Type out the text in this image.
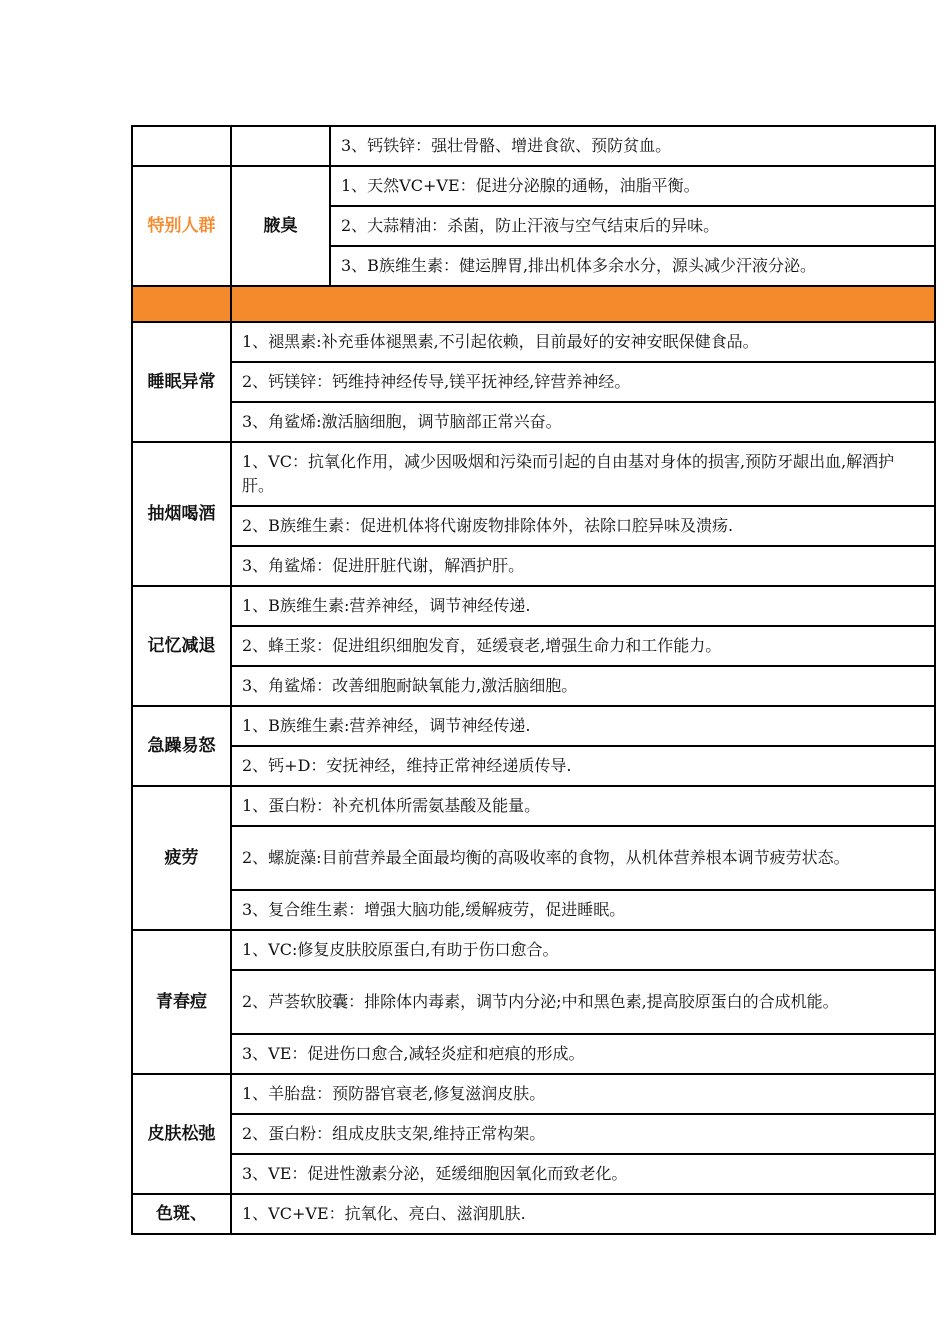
		3、钙铁锌：强壮骨骼、增进食欲、预防贫血。
特别人群	腋臭	1、天然VC+VE：促进分泌腺的通畅，油脂平衡。
		2、大蒜精油：杀菌，防止汗液与空气结束后的异味。
		3、B族维生素：健运脾胃,排出机体多余水分，源头减少汗液分泌。

睡眠异常	1、褪黑素:补充垂体褪黑素,不引起依赖，目前最好的安神安眠保健食品。	
	2、钙镁锌：钙维持神经传导,镁平抚神经,锌营养神经。	
	3、角鲨烯:激活脑细胞，调节脑部正常兴奋。	
抽烟喝酒	1、VC：抗氧化作用，减少因吸烟和污染而引起的自由基对身体的损害,预防牙龈出血,解酒护肝。	
	2、B族维生素：促进机体将代谢废物排除体外，祛除口腔异味及溃疡.	
	3、角鲨烯：促进肝脏代谢，解酒护肝。	
记忆减退	1、B族维生素:营养神经，调节神经传递.	
	2、蜂王浆：促进组织细胞发育，延缓衰老,增强生命力和工作能力。	
	3、角鲨烯：改善细胞耐缺氧能力,激活脑细胞。	
急躁易怒	1、B族维生素:营养神经，调节神经传递.	
	2、钙+D：安抚神经，维持正常神经递质传导.	
疲劳	1、蛋白粉：补充机体所需氨基酸及能量。	
	2、螺旋藻:目前营养最全面最均衡的高吸收率的食物，从机体营养根本调节疲劳状态。	
	3、复合维生素：增强大脑功能,缓解疲劳，促进睡眠。	
青春痘	1、VC:修复皮肤胶原蛋白,有助于伤口愈合。	
	2、芦荟软胶囊：排除体内毒素，调节内分泌;中和黑色素,提高胶原蛋白的合成机能。	
	3、VE：促进伤口愈合,减轻炎症和疤痕的形成。	
皮肤松弛	1、羊胎盘：预防器官衰老,修复滋润皮肤。	
	2、蛋白粉：组成皮肤支架,维持正常构架。	
	3、VE：促进性激素分泌，延缓细胞因氧化而致老化。	
色斑、	1、VC+VE：抗氧化、亮白、滋润肌肤.	
